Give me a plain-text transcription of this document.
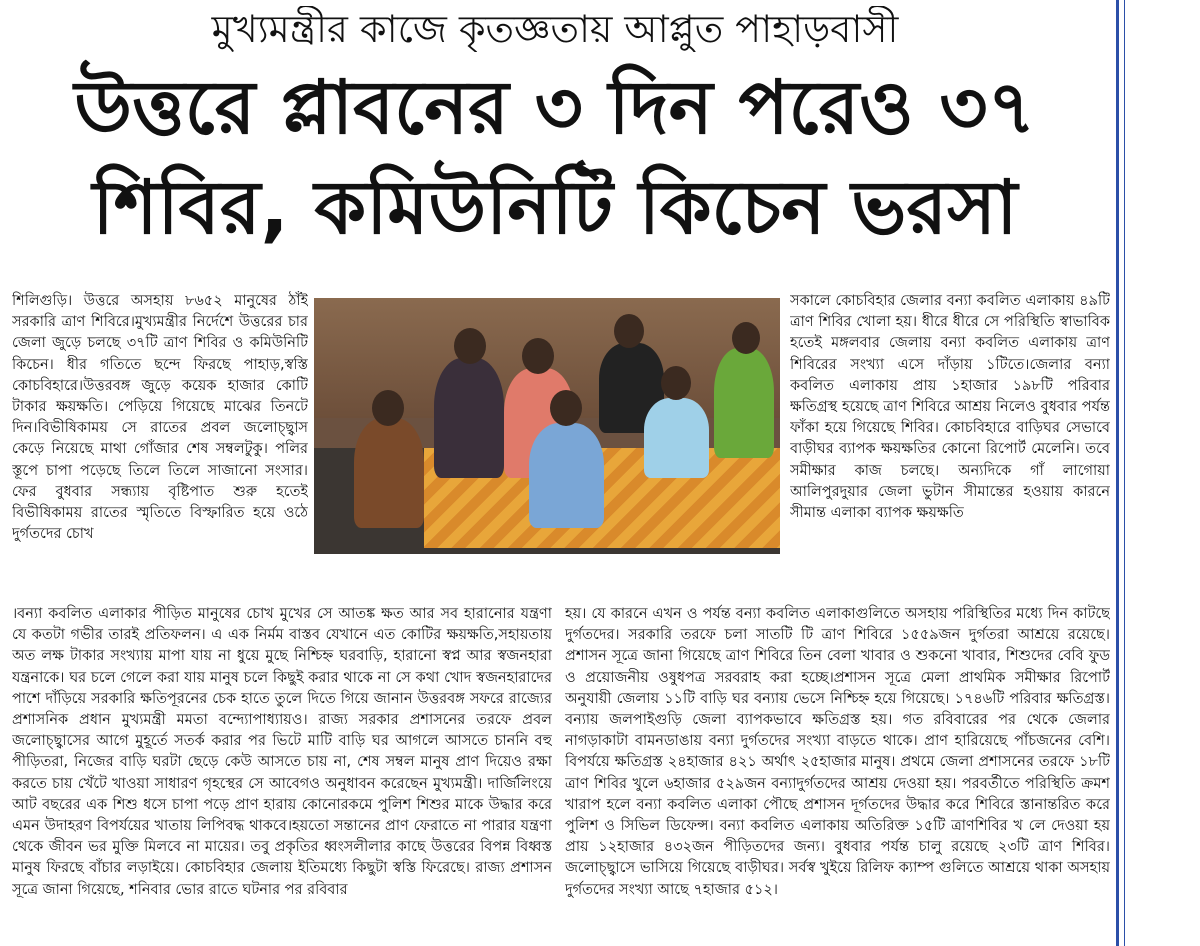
মুখ্যমন্ত্রীর কাজে কৃতজ্ঞতায় আপ্লুত পাহাড়বাসী
উত্তরে প্লাবনের ৩ দিন পরেও ৩৭
শিবির, কমিউনিটি কিচেন ভরসা
শিলিগুড়ি। উত্তরে অসহায় ৮৬৫২ মানুষের ঠাঁই সরকারি ত্রাণ শিবিরে।মুখ্যমন্ত্রীর নির্দেশে উত্তরের চার জেলা জুড়ে চলছে ৩৭টি ত্রাণ শিবির ও কমিউনিটি কিচেন। ধীর গতিতে ছন্দে ফিরছে পাহাড়,স্বস্তি কোচবিহারে।উত্তরবঙ্গ জুড়ে কয়েক হাজার কোটি টাকার ক্ষয়ক্ষতি। পেড়িয়ে গিয়েছে মাঝের তিনটে দিন।বিভীষিকাময় সে রাতের প্রবল জলোচ্ছ্বাস কেড়ে নিয়েছে মাথা গোঁজার শেষ সম্বলটুকু। পলির স্তূপে চাপা পড়েছে তিলে তিলে সাজানো সংসার। ফের বুধবার সন্ধ্যায় বৃষ্টিপাত শুরু হতেই বিভীষিকাময় রাতের স্মৃতিতে বিস্ফারিত হয়ে ওঠে দুর্গতদের চোখ
সকালে কোচবিহার জেলার বন্যা কবলিত এলাকায় ৪৯টি ত্রাণ শিবির খোলা হয়। ধীরে ধীরে সে পরিস্থিতি স্বাভাবিক হতেই মঙ্গলবার জেলায় বন্যা কবলিত এলাকায় ত্রাণ শিবিরের সংখ্যা এসে দাঁড়ায় ১টিতে।জেলার বন্যা কবলিত এলাকায় প্রায় ১হাজার ১৯৮টি পরিবার ক্ষতিগ্রস্থ হয়েছে ত্রাণ শিবিরে আশ্রয় নিলেও বুধবার পর্যন্ত ফাঁকা হয়ে গিয়েছে শিবির। কোচবিহারে বাড়িঘর সেভাবে বাড়ীঘর ব্যাপক ক্ষয়ক্ষতির কোনো রিপোর্ট মেলেনি। তবে সমীক্ষার কাজ চলছে। অন্যদিকে গাঁ লাগোয়া আলিপুরদুয়ার জেলা ভুটান সীমান্তের হওয়ায় কারনে সীমান্ত এলাকা ব্যাপক ক্ষয়ক্ষতি
।বন্যা কবলিত এলাকার পীড়িত মানুষের চোখ মুখের সে আতঙ্ক ক্ষত আর সব হারানোর যন্ত্রণা যে কতটা গভীর তারই প্রতিফলন। এ এক নির্মম বাস্তব যেখানে এত কোটির ক্ষয়ক্ষতি,সহায়তায় অত লক্ষ টাকার সংখ্যায় মাপা যায় না ধুয়ে মুছে নিশ্চিহ্ন ঘরবাড়ি, হারানো স্বপ্ন আর স্বজনহারা যন্ত্রনাকে। ঘর চলে গেলে করা যায় মানুষ চলে কিছুই করার থাকে না সে কথা খোদ স্বজনহারাদের পাশে দাঁড়িয়ে সরকারি ক্ষতিপূরনের চেক হাতে তুলে দিতে গিয়ে জানান উত্তরবঙ্গ সফরে রাজ্যের প্রশাসনিক প্রধান মুখ্যমন্ত্রী মমতা বন্দ্যোপাধ্যায়ও। রাজ্য সরকার প্রশাসনের তরফে প্রবল জলোচ্ছ্বাসের আগে মুহূর্তে সতর্ক করার পর ভিটে মাটি বাড়ি ঘর আগলে আসতে চাননি বহু পীড়িতরা, নিজের বাড়ি ঘরটা ছেড়ে কেউ আসতে চায় না, শেষ সম্বল মানুষ প্রাণ দিয়েও রক্ষা করতে চায় খেঁটে খাওয়া সাধারণ গৃহস্থের সে আবেগও অনুধাবন করেছেন মুখ্যমন্ত্রী। দার্জিলিংয়ে আট বছরের এক শিশু ধসে চাপা পড়ে প্রাণ হারায় কোনোরকমে পুলিশ শিশুর মাকে উদ্ধার করে এমন উদাহরণ বিপর্যয়ের খাতায় লিপিবদ্ধ থাকবে।হয়তো সন্তানের প্রাণ ফেরাতে না পারার যন্ত্রণা থেকে জীবন ভর মুক্তি মিলবে না মায়ের। তবু প্রকৃতির ধ্বংসলীলার কাছে উত্তরের বিপন্ন বিধ্বস্ত মানুষ ফিরছে বাঁচার লড়াইয়ে। কোচবিহার জেলায় ইতিমধ্যে কিছুটা স্বস্তি ফিরেছে। রাজ্য প্রশাসন সূত্রে জানা গিয়েছে, শনিবার ভোর রাতে ঘটনার পর রবিবার
হয়। যে কারনে এখন ও পর্যন্ত বন্যা কবলিত এলাকাগুলিতে অসহায় পরিস্থিতির মধ্যে দিন কাটছে দুর্গতদের। সরকারি তরফে চলা সাতটি টি ত্রাণ শিবিরে ১৫৫৯জন দুর্গতরা আশ্রয়ে রয়েছে। প্রশাসন সূত্রে জানা গিয়েছে ত্রাণ শিবিরে তিন বেলা খাবার ও শুকনো খাবার, শিশুদের বেবি ফুড ও প্রয়োজনীয় ওষুধপত্র সরবরাহ করা হচ্ছে।প্রশাসন সূত্রে মেলা প্রাথমিক সমীক্ষার রিপোর্ট অনুযায়ী জেলায় ১১টি বাড়ি ঘর বন্যায় ভেসে নিশ্চিহ্ন হয়ে গিয়েছে। ১৭৪৬টি পরিবার ক্ষতিগ্রস্ত।বন্যায় জলপাইগুড়ি জেলা ব্যাপকভাবে ক্ষতিগ্রস্ত হয়। গত রবিবারের পর থেকে জেলার নাগড়াকাটা বামনডাঙায় বন্যা দুর্গতদের সংখ্যা বাড়তে থাকে। প্রাণ হারিয়েছে পাঁচজনের বেশি। বিপর্যয়ে ক্ষতিগ্রস্ত ২৪হাজার ৪২১ অর্থাৎ ২৫হাজার মানুষ। প্রথমে জেলা প্রশাসনের তরফে ১৮টি ত্রাণ শিবির খুলে ৬হাজার ৫২৯জন বন্যাদুর্গতদের আশ্রয় দেওয়া হয়। পরবর্তীতে পরিস্থিতি ক্রমশ খারাপ হলে বন্যা কবলিত এলাকা পৌছে প্রশাসন দূর্গতদের উদ্ধার করে শিবিরে স্তানান্তরিত করে পুলিশ ও সিভিল ডিফেন্স। বন্যা কবলিত এলাকায় অতিরিক্ত ১৫টি ত্রাণশিবির খ লে দেওয়া হয় প্রায় ১২হাজার ৪৩২জন পীড়িতদের জন্য। বুধবার পর্যন্ত চালু রয়েছে ২৩টি ত্রাণ শিবির। জলোচ্ছ্বাসে ভাসিয়ে গিয়েছে বাড়ীঘর। সর্বস্ব খুইয়ে রিলিফ ক্যাম্প গুলিতে আশ্রয়ে থাকা অসহায় দুর্গতদের সংখ্যা আছে ৭হাজার ৫১২।
